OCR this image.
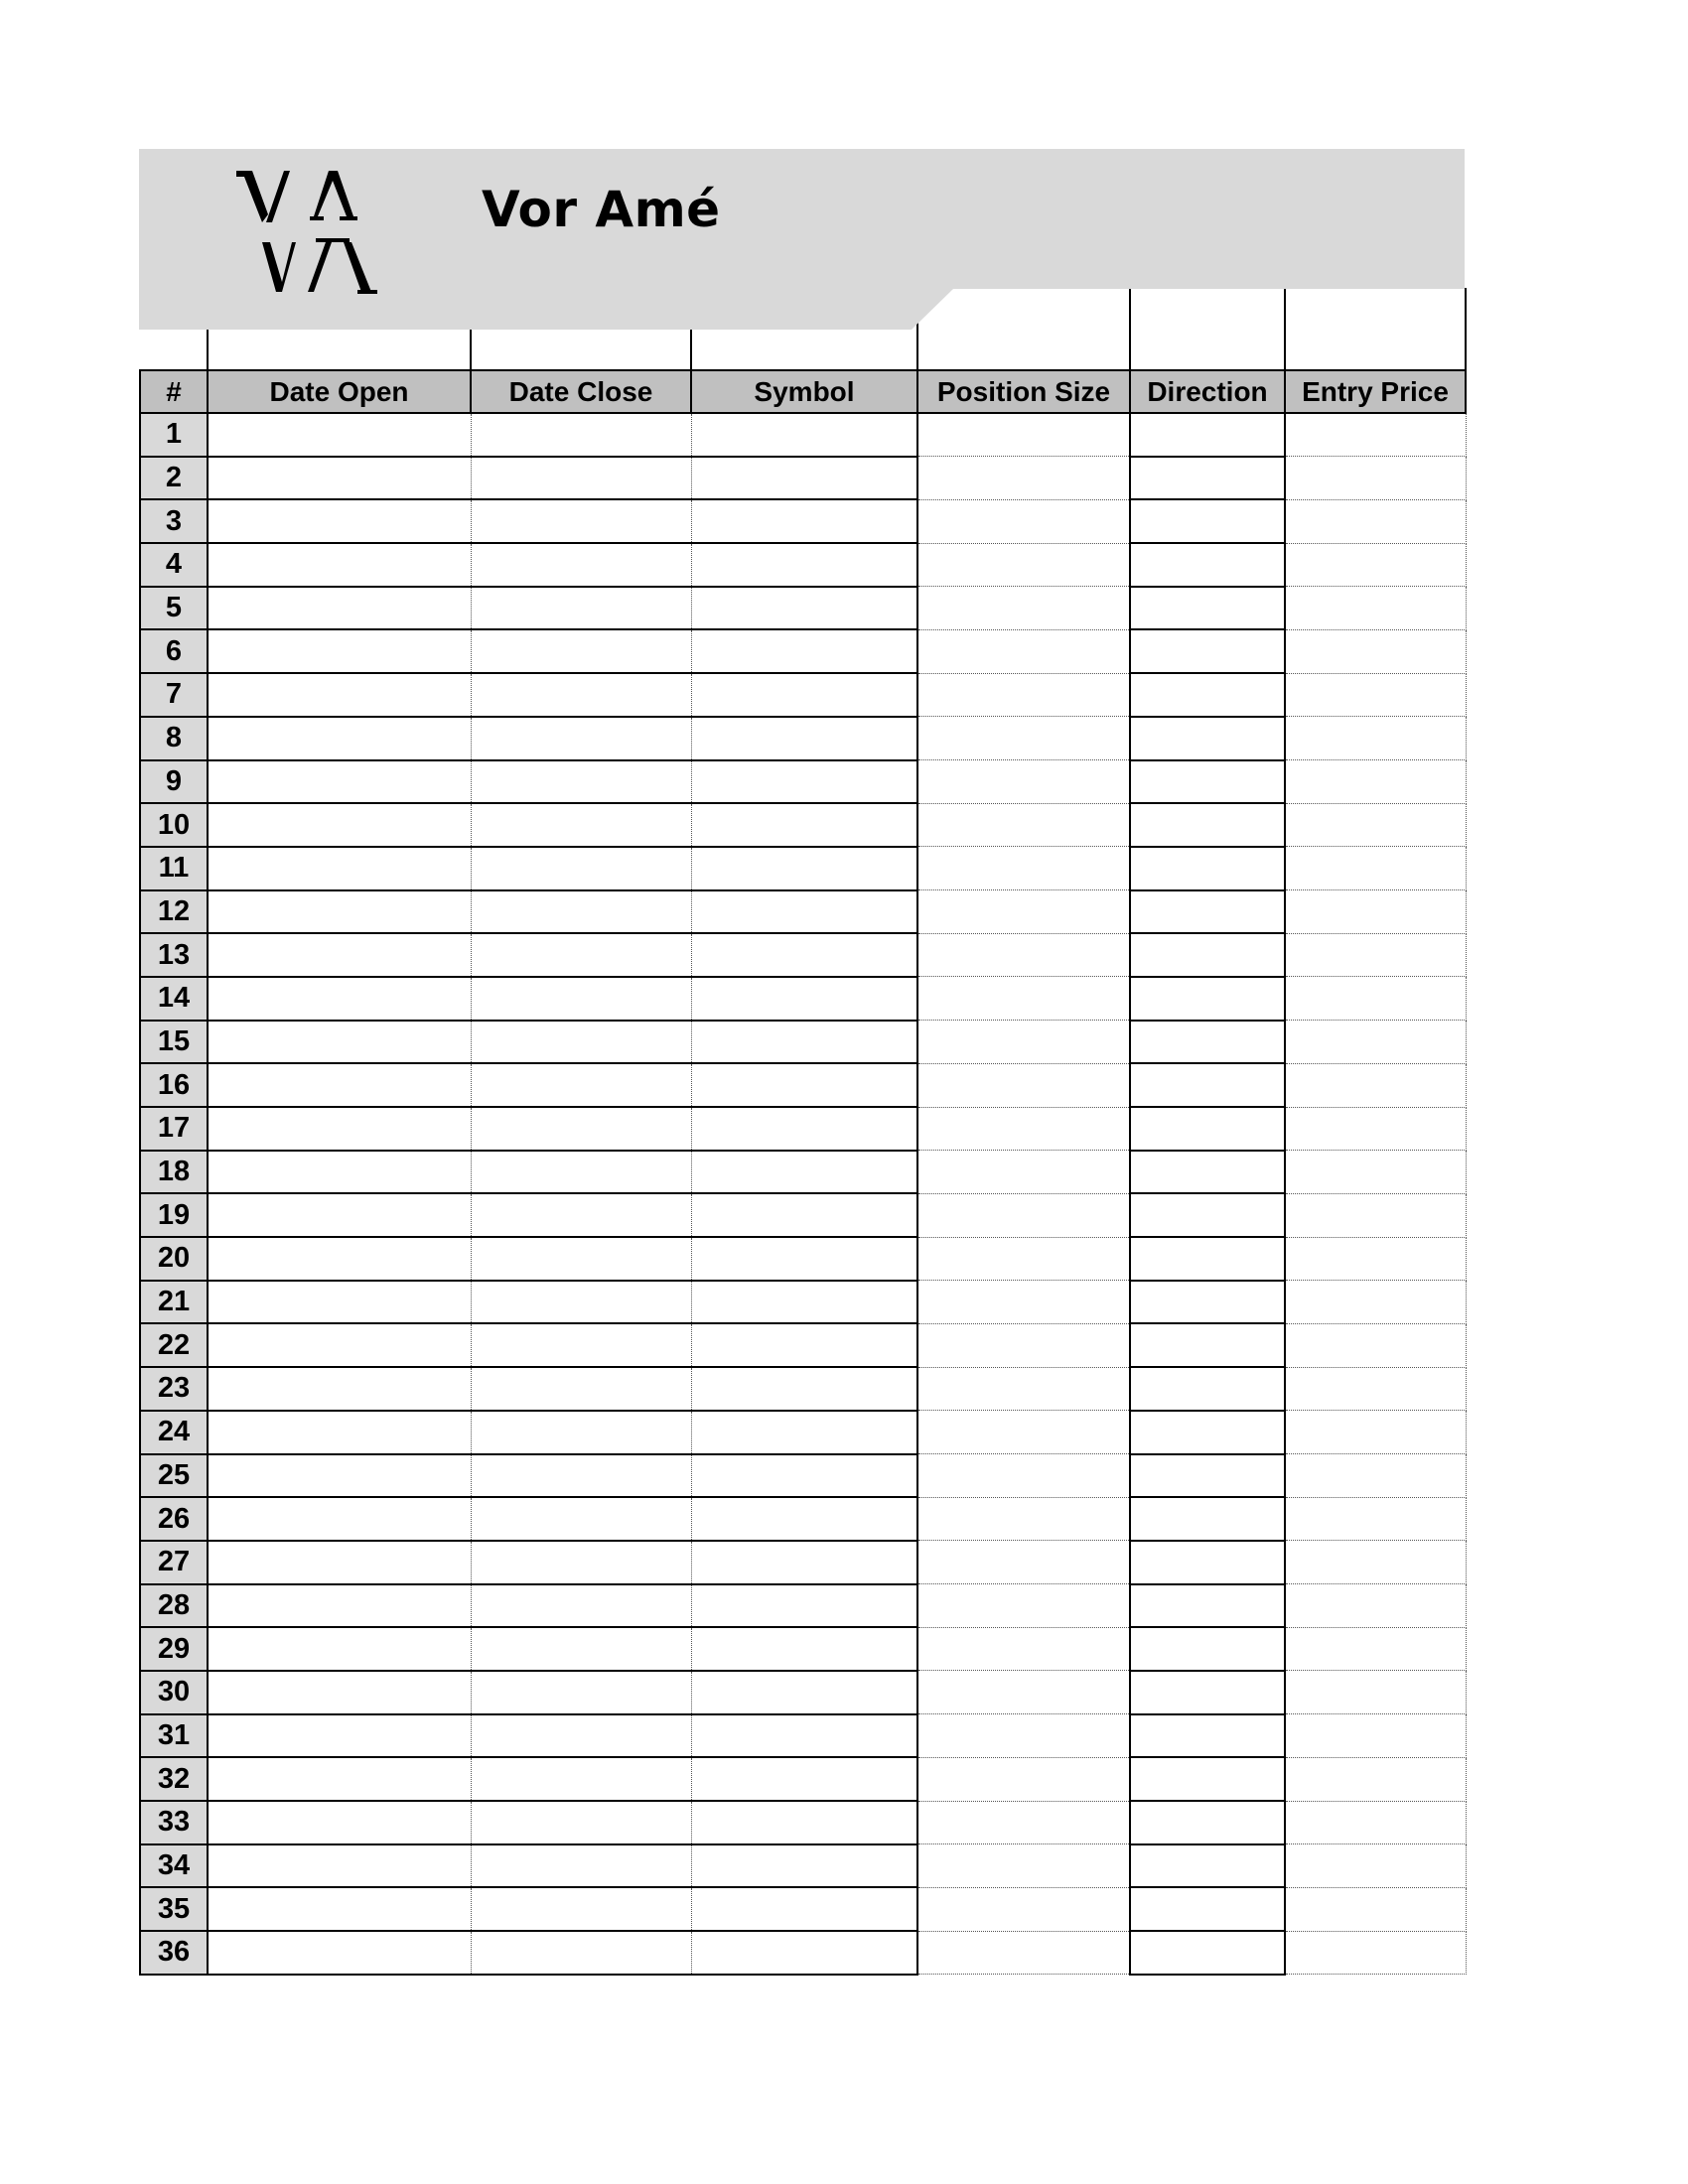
#	Date Open	Date Close	Symbol	Position Size	Direction	Entry Price
1						
2						
3						
4						
5						
6						
7						
8						
9						
10						
11						
12						
13						
14						
15						
16						
17						
18						
19						
20						
21						
22						
23						
24						
25						
26						
27						
28						
29						
30						
31						
32						
33						
34						
35						
36						
VA
Vor Amé
